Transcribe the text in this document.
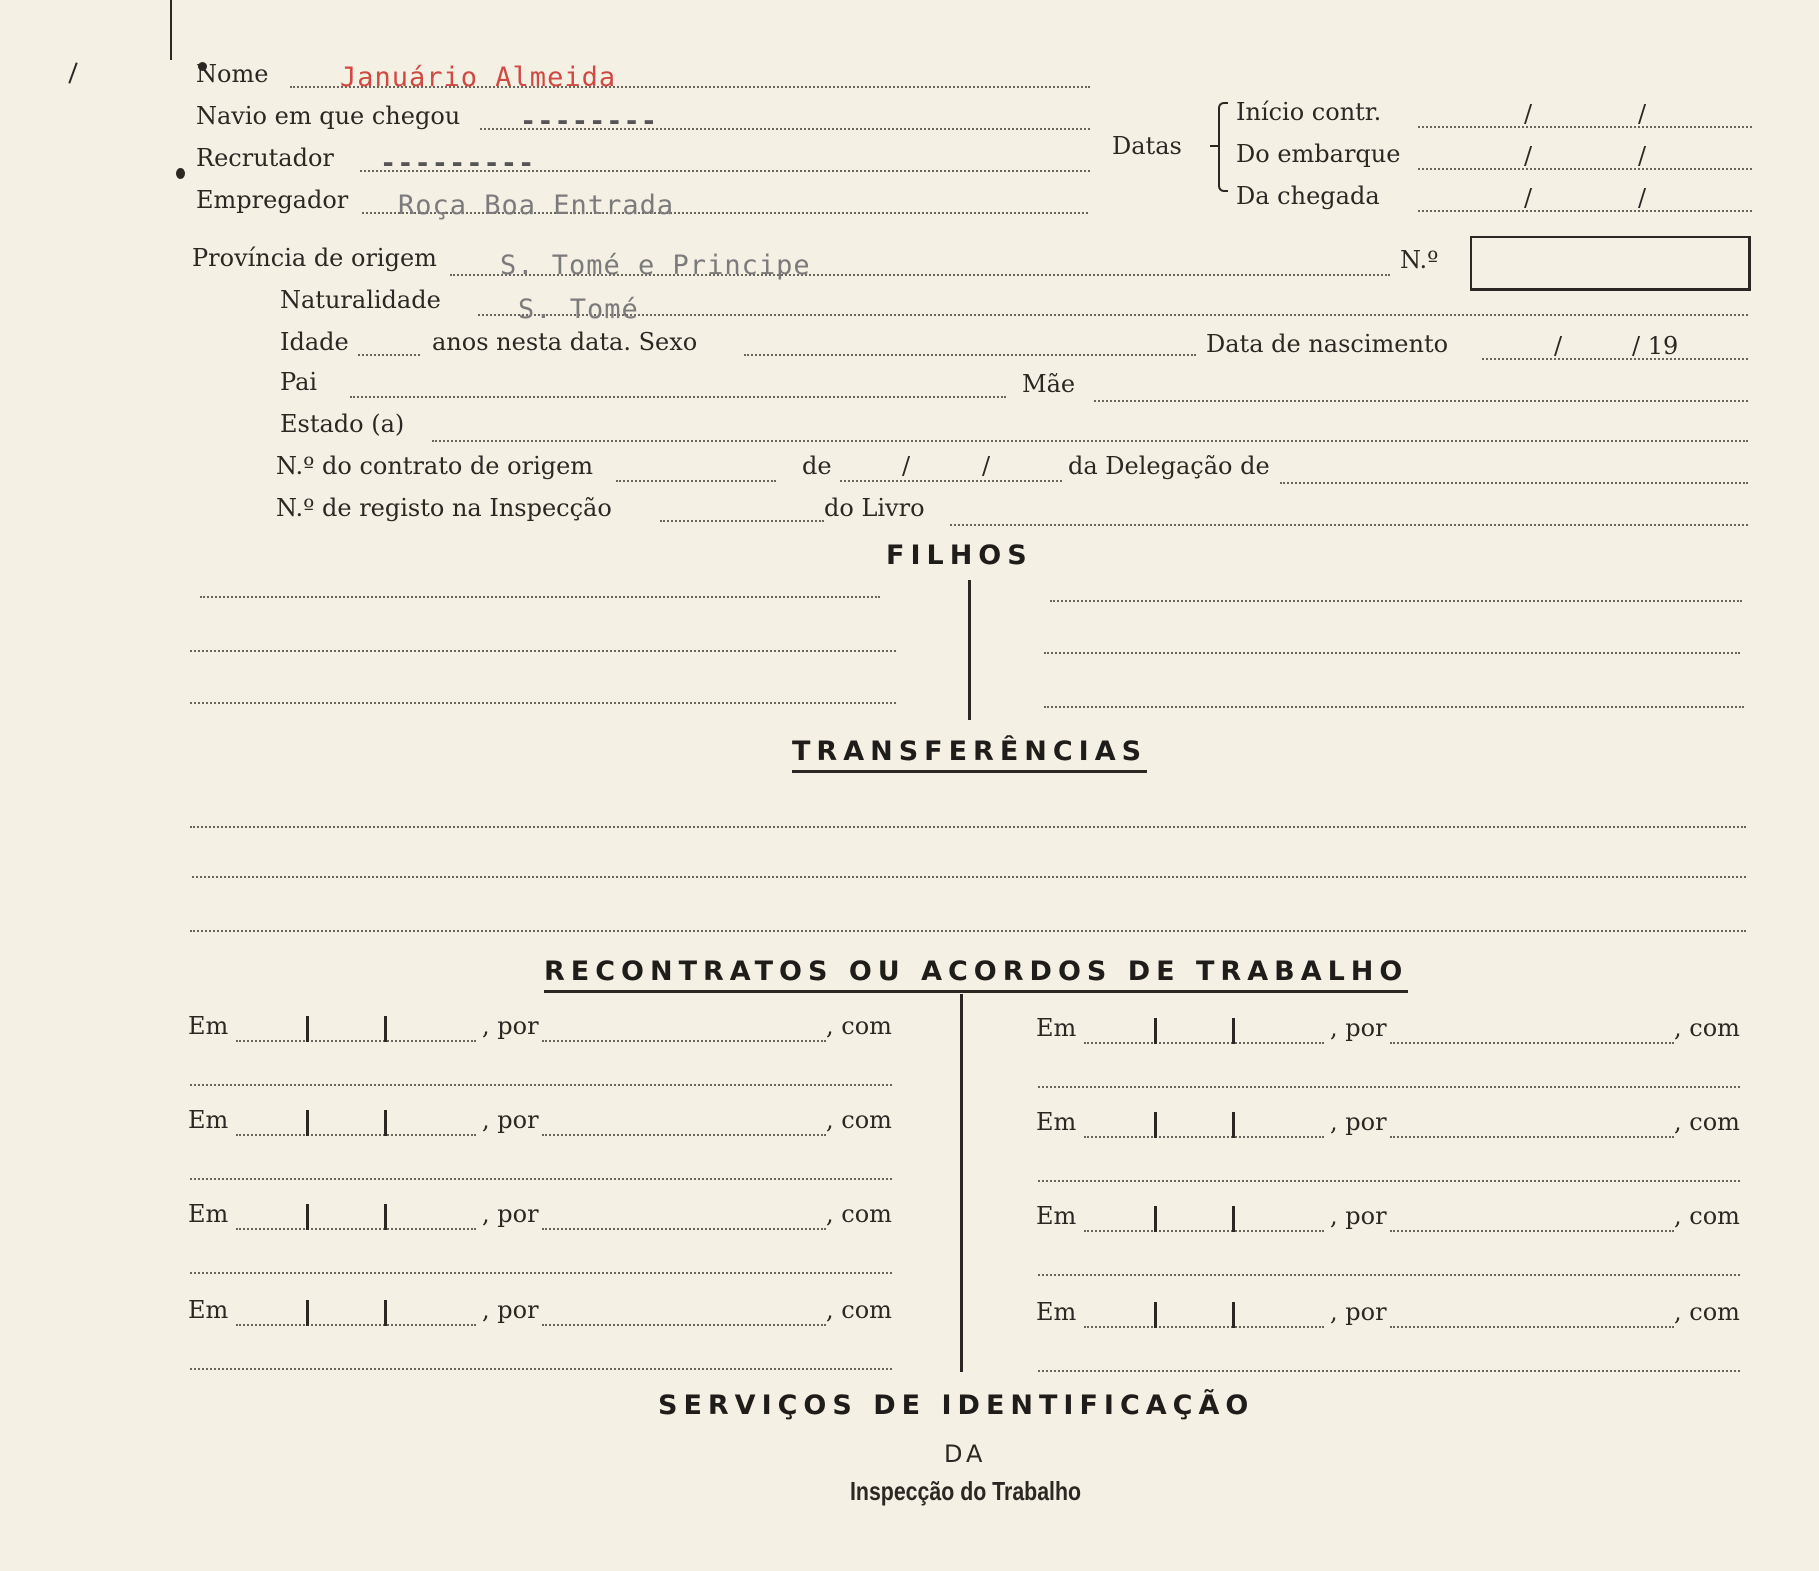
Nome	Januário Almeida
Navio em que chegou --------
Recrutador ---------
Empregador Roça Boa Entrada
Datas
Início contr.	/	/
Do embarque	/	/
Da chegada	/	/
Província de origem S. Tomé e Principe	N.º
Naturalidade	S. Tomé
Idade	anos nesta data. Sexo	Data de nascimento	/	/ 19
Pai	Mãe
Estado (a)
N.º do contrato de origem	de	/	/	da Delegação de
N.º de registo na Inspecção	do Livro
FILHOS
TRANSFERÊNCIAS
RECONTRATOS OU ACORDOS DE TRABALHO
Em	, por	, com
Em	, por	, com
Em	, por	, com
Em	, por	, com
Em	, por	, com
Em	, por	, com
Em	, por	, com
Em	, por	, com
SERVIÇOS DE IDENTIFICAÇÃO
DA
Inspecção do Trabalho
